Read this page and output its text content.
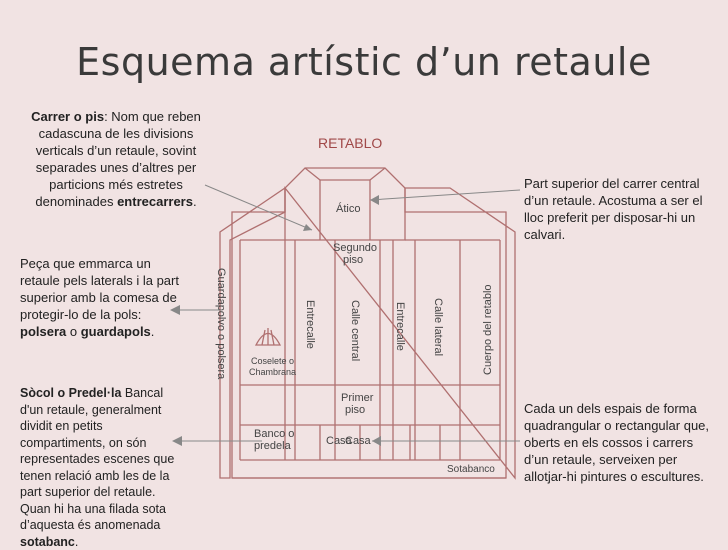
Esquema artístic d’un retaule
RETABLO
Ático
Segundo
piso
Guardapolvo o polsera	Entrecalle	Calle central	Entrecalle Calle lateral	Cuerpo del retablo
Coselete o
Chambrana
Primer
piso
Banco o
predela	Casa
Casa
Sotabanco
Carrer o pis: Nom que reben cadascuna de les divisions verticals d’un retaule, sovint separades unes d’altres per particions més estretes denominades entrecarrers.
Peça que emmarca un retaule pels laterals i la part superior amb la comesa de protegir-lo de la pols: polsera o guardapols.
Sòcol o Predel·la Bancal d'un retaule, generalment dividit en petits compartiments, on són representades escenes que tenen relació amb les de la part superior del retaule. Quan hi ha una filada sota d’aquesta és anomenada sotabanc.
Part superior del carrer central d’un retaule. Acostuma a ser el lloc preferit per disposar-hi un calvari.
Cada un dels espais de forma quadrangular o rectangular que, oberts en els cossos i carrers d’un retaule, serveixen per allotjar-hi pintures o escultures.
